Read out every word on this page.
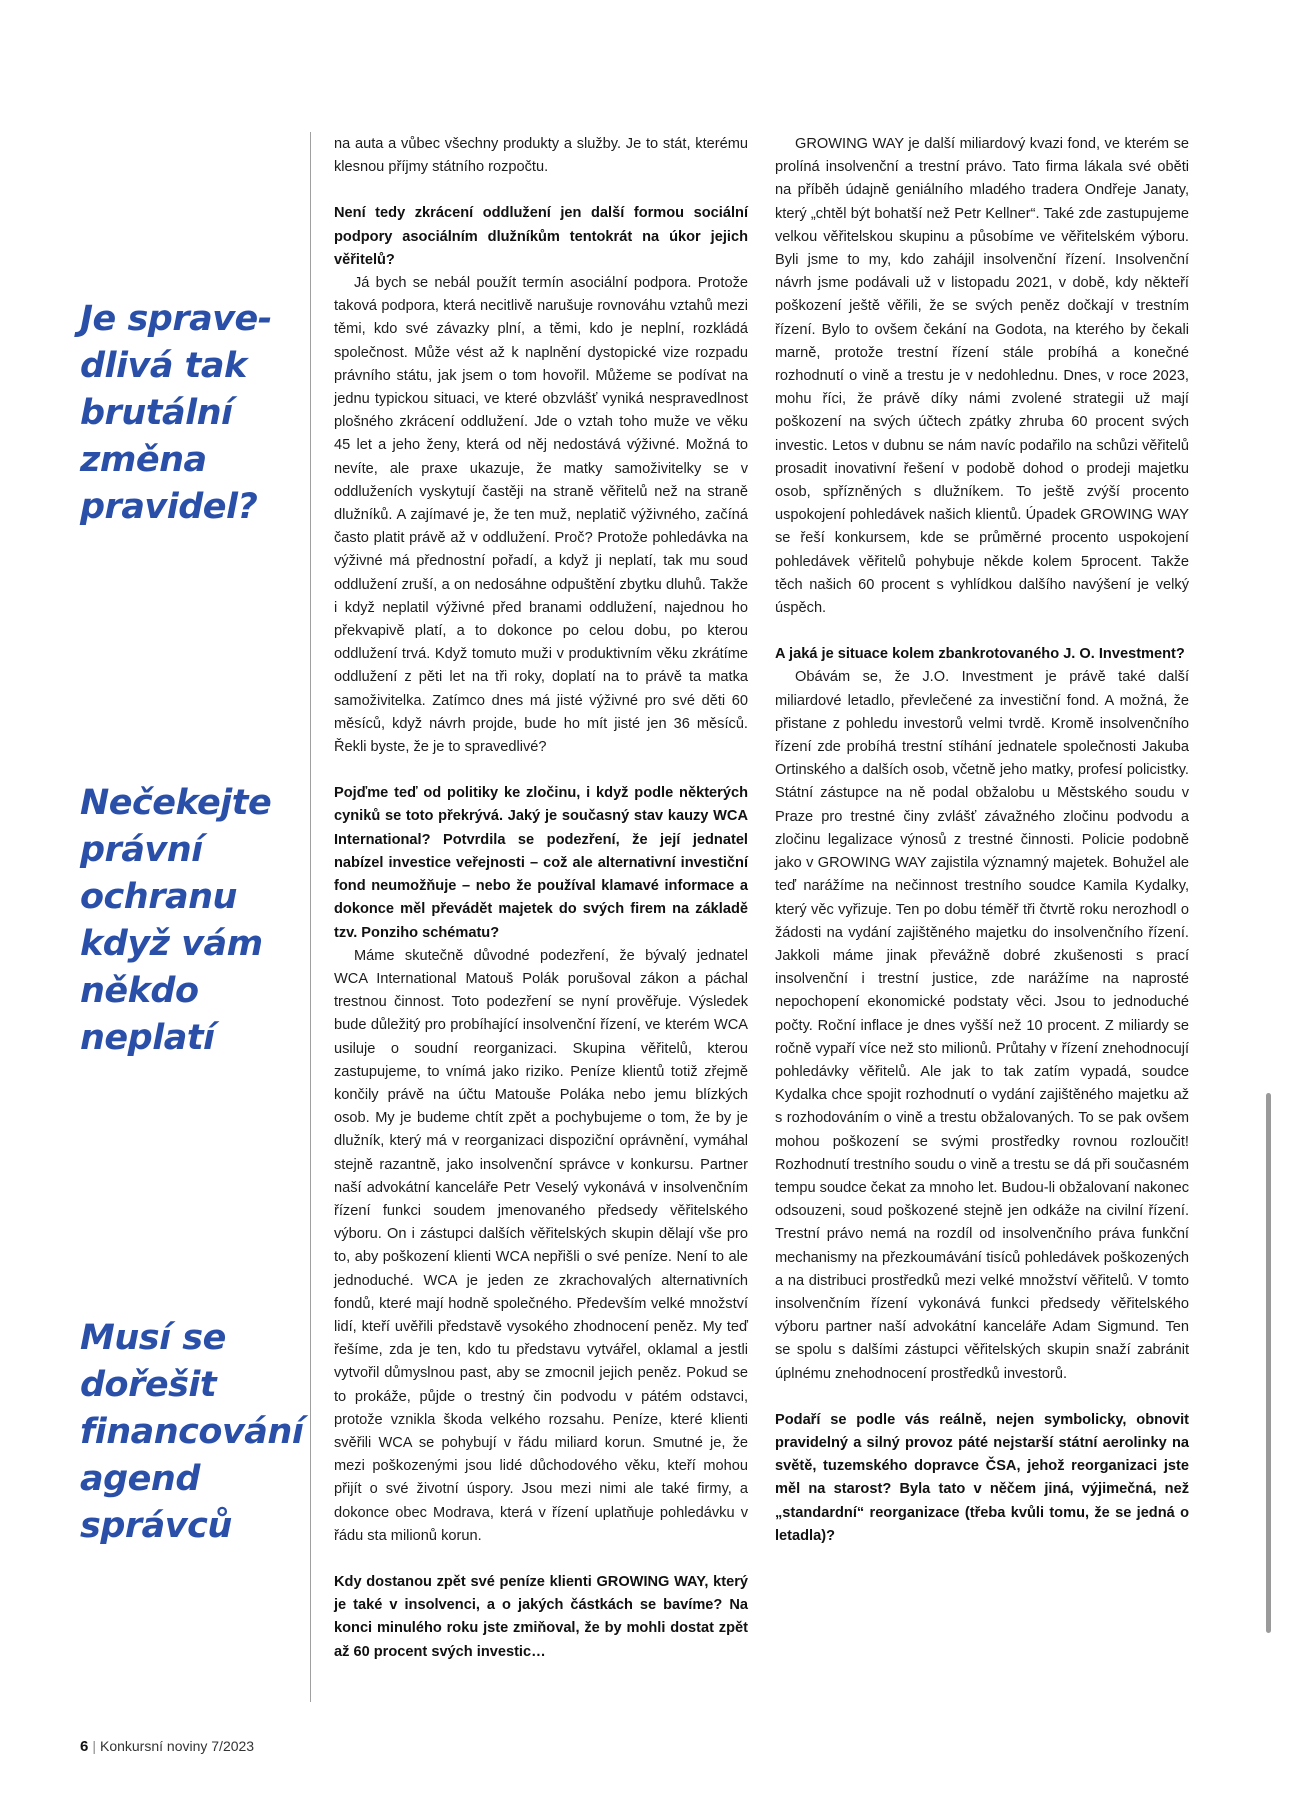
Je sprave-
dlivá tak
brutální
změna
pravidel?
Nečekejte
právní
ochranu
když vám
někdo
neplatí
Musí se
dořešit
financování
agend
správců

na auta a vůbec všechny produkty a služby. Je to stát, kterému klesnou příjmy státního rozpočtu.

Není tedy zkrácení oddlužení jen další formou sociální podpory asociálním dlužníkům tentokrát na úkor jejich věřitelů?

Já bych se nebál použít termín asociální podpora. Protože taková podpora, která necitlivě narušuje rovnováhu vztahů mezi těmi, kdo své závazky plní, a těmi, kdo je neplní, rozkládá společnost. Může vést až k naplnění dystopické vize rozpadu právního státu, jak jsem o tom hovořil. Můžeme se podívat na jednu typickou situaci, ve které obzvlášť vyniká nespravedlnost plošného zkrácení oddlužení. Jde o vztah toho muže ve věku 45 let a jeho ženy, která od něj nedostává výživné. Možná to nevíte, ale praxe ukazuje, že matky samoživitelky se v oddluženích vyskytují častěji na straně věřitelů než na straně dlužníků. A zajímavé je, že ten muž, neplatič výživného, začíná často platit právě až v oddlužení. Proč? Protože pohledávka na výživné má přednostní pořadí, a když ji neplatí, tak mu soud oddlužení zruší, a on nedosáhne odpuštění zbytku dluhů. Takže i když neplatil výživné před branami oddlužení, najednou ho překvapivě platí, a to dokonce po celou dobu, po kterou oddlužení trvá. Když tomuto muži v produktivním věku zkrátíme oddlužení z pěti let na tři roky, doplatí na to právě ta matka samoživitelka. Zatímco dnes má jisté výživné pro své děti 60 měsíců, když návrh projde, bude ho mít jisté jen 36 měsíců. Řekli byste, že je to spravedlivé?

Pojďme teď od politiky ke zločinu, i když podle některých cyniků se toto překrývá. Jaký je současný stav kauzy WCA International? Potvrdila se podezření, že její jednatel nabízel investice veřejnosti – což ale alternativní investiční fond neumožňuje – nebo že používal klamavé informace a dokonce měl převádět majetek do svých firem na základě tzv. Ponziho schématu?

Máme skutečně důvodné podezření, že bývalý jednatel WCA International Matouš Polák porušoval zákon a páchal trestnou činnost. Toto podezření se nyní prověřuje. Výsledek bude důležitý pro probíhající insolvenční řízení, ve kterém WCA usiluje o soudní reorganizaci. Skupina věřitelů, kterou zastupujeme, to vnímá jako riziko. Peníze klientů totiž zřejmě končily právě na účtu Matouše Poláka nebo jemu blízkých osob. My je budeme chtít zpět a pochybujeme o tom, že by je dlužník, který má v reorganizaci dispoziční oprávnění, vymáhal stejně razantně, jako insolvenční správce v konkursu. Partner naší advokátní kanceláře Petr Veselý vykonává v insolvenčním řízení funkci soudem jmenovaného předsedy věřitelského výboru. On i zástupci dalších věřitelských skupin dělají vše pro to, aby poškození klienti WCA nepřišli o své peníze. Není to ale jednoduché. WCA je jeden ze zkrachovalých alternativních fondů, které mají hodně společného. Především velké množství lidí, kteří uvěřili představě vysokého zhodnocení peněz. My teď řešíme, zda je ten, kdo tu představu vytvářel, oklamal a jestli vytvořil důmyslnou past, aby se zmocnil jejich peněz. Pokud se to prokáže, půjde o trestný čin podvodu v pátém odstavci, protože vznikla škoda velkého rozsahu. Peníze, které klienti svěřili WCA se pohybují v řádu miliard korun. Smutné je, že mezi poškozenými jsou lidé důchodového věku, kteří mohou přijít o své životní úspory. Jsou mezi nimi ale také firmy, a dokonce obec Modrava, která v řízení uplatňuje pohledávku v řádu sta milionů korun.

Kdy dostanou zpět své peníze klienti GROWING WAY, který je také v insolvenci, a o jakých částkách se bavíme? Na konci minulého roku jste zmiňoval, že by mohli dostat zpět až 60 procent svých investic…

GROWING WAY je další miliardový kvazi fond, ve kterém se prolíná insolvenční a trestní právo. Tato firma lákala své oběti na příběh údajně geniálního mladého tradera Ondřeje Janaty, který „chtěl být bohatší než Petr Kellner“. Také zde zastupujeme velkou věřitelskou skupinu a působíme ve věřitelském výboru. Byli jsme to my, kdo zahájil insolvenční řízení. Insolvenční návrh jsme podávali už v listopadu 2021, v době, kdy někteří poškození ještě věřili, že se svých peněz dočkají v trestním řízení. Bylo to ovšem čekání na Godota, na kterého by čekali marně, protože trestní řízení stále probíhá a konečné rozhodnutí o vině a trestu je v nedohlednu. Dnes, v roce 2023, mohu říci, že právě díky námi zvolené strategii už mají poškození na svých účtech zpátky zhruba 60 procent svých investic. Letos v dubnu se nám navíc podařilo na schůzi věřitelů prosadit inovativní řešení v podobě dohod o prodeji majetku osob, spřízněných s dlužníkem. To ještě zvýší procento uspokojení pohledávek našich klientů. Úpadek GROWING WAY se řeší konkursem, kde se průměrné procento uspokojení pohledávek věřitelů pohybuje někde kolem 5procent. Takže těch našich 60 procent s vyhlídkou dalšího navýšení je velký úspěch.

A jaká je situace kolem zbankrotovaného J. O. Investment?

Obávám se, že J.O. Investment je právě také další miliardové letadlo, převlečené za investiční fond. A možná, že přistane z pohledu investorů velmi tvrdě. Kromě insolvenčního řízení zde probíhá trestní stíhání jednatele společnosti Jakuba Ortinského a dalších osob, včetně jeho matky, profesí policistky. Státní zástupce na ně podal obžalobu u Městského soudu v Praze pro trestné činy zvlášť závažného zločinu podvodu a zločinu legalizace výnosů z trestné činnosti. Policie podobně jako v GROWING WAY zajistila významný majetek. Bohužel ale teď narážíme na nečinnost trestního soudce Kamila Kydalky, který věc vyřizuje. Ten po dobu téměř tři čtvrtě roku nerozhodl o žádosti na vydání zajištěného majetku do insolvenčního řízení. Jakkoli máme jinak převážně dobré zkušenosti s prací insolvenční i trestní justice, zde narážíme na naprosté nepochopení ekonomické podstaty věci. Jsou to jednoduché počty. Roční inflace je dnes vyšší než 10 procent. Z miliardy se ročně vypaří více než sto milionů. Průtahy v řízení znehodnocují pohledávky věřitelů. Ale jak to tak zatím vypadá, soudce Kydalka chce spojit rozhodnutí o vydání zajištěného majetku až s rozhodováním o vině a trestu obžalovaných. To se pak ovšem mohou poškození se svými prostředky rovnou rozloučit! Rozhodnutí trestního soudu o vině a trestu se dá při současném tempu soudce čekat za mnoho let. Budou-li obžalovaní nakonec odsouzeni, soud poškozené stejně jen odkáže na civilní řízení. Trestní právo nemá na rozdíl od insolvenčního práva funkční mechanismy na přezkoumávání tisíců pohledávek poškozených a na distribuci prostředků mezi velké množství věřitelů. V tomto insolvenčním řízení vykonává funkci předsedy věřitelského výboru partner naší advokátní kanceláře Adam Sigmund. Ten se spolu s dalšími zástupci věřitelských skupin snaží zabránit úplnému znehodnocení prostředků investorů.

Podaří se podle vás reálně, nejen symbolicky, obnovit pravidelný a silný provoz páté nejstarší státní aerolinky na světě, tuzemského dopravce ČSA, jehož reorganizaci jste měl na starost? Byla tato v něčem jiná, výjimečná, než „standardní“ reorganizace (třeba kvůli tomu, že se jedná o letadla)?

6 | Konkursní noviny 7/2023
